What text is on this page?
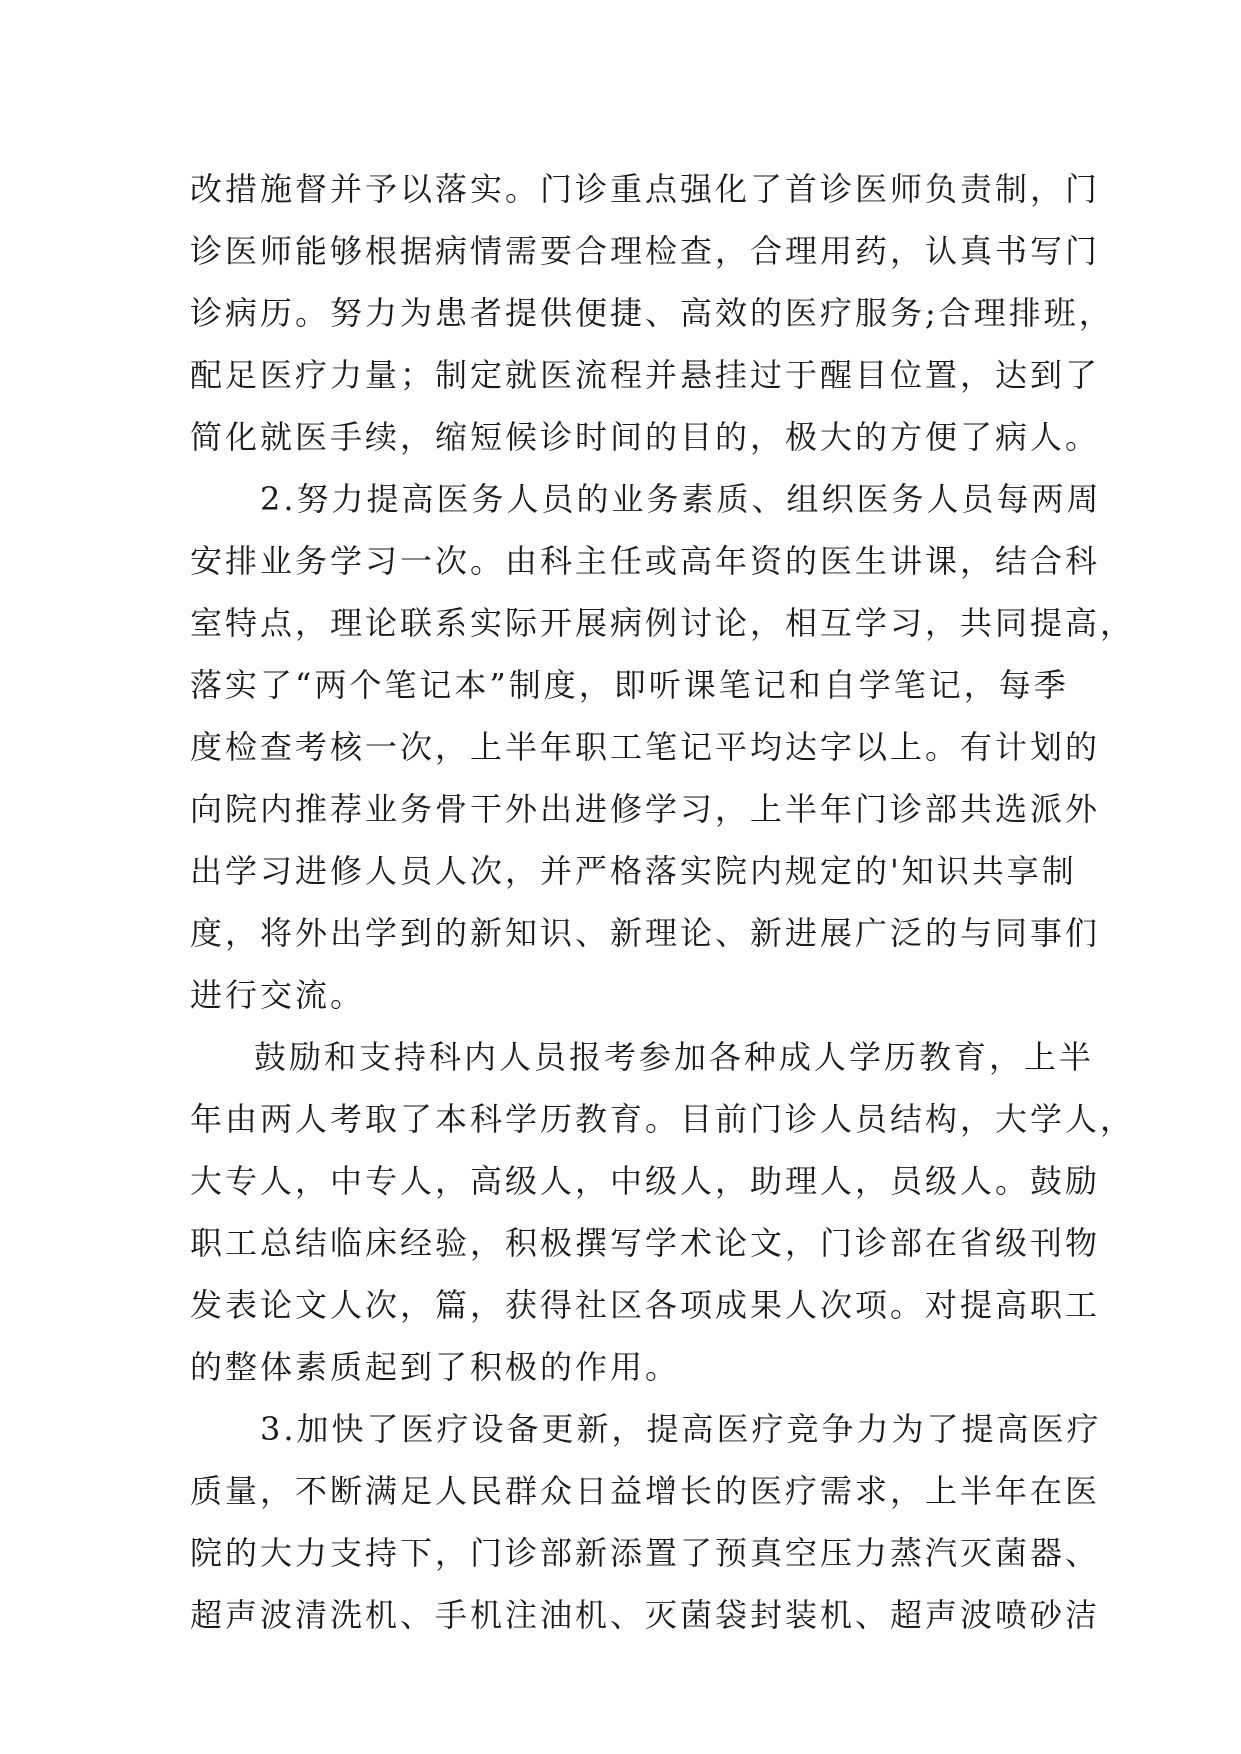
改措施督并予以落实。门诊重点强化了首诊医师负责制，门
诊医师能够根据病情需要合理检查，合理用药，认真书写门
诊病历。努力为患者提供便捷、高效的医疗服务;合理排班，
配足医疗力量；制定就医流程并悬挂过于醒目位置，达到了
简化就医手续，缩短候诊时间的目的，极大的方便了病人。
2.努力提高医务人员的业务素质、组织医务人员每两周
安排业务学习一次。由科主任或高年资的医生讲课，结合科
室特点，理论联系实际开展病例讨论，相互学习，共同提高，
落实了“两个笔记本”制度，即听课笔记和自学笔记，每季
度检查考核一次，上半年职工笔记平均达字以上。有计划的
向院内推荐业务骨干外出进修学习，上半年门诊部共选派外
出学习进修人员人次，并严格落实院内规定的'知识共享制
度，将外出学到的新知识、新理论、新进展广泛的与同事们
进行交流。
鼓励和支持科内人员报考参加各种成人学历教育，上半
年由两人考取了本科学历教育。目前门诊人员结构，大学人，
大专人，中专人，高级人，中级人，助理人，员级人。鼓励
职工总结临床经验，积极撰写学术论文，门诊部在省级刊物
发表论文人次，篇，获得社区各项成果人次项。对提高职工
的整体素质起到了积极的作用。
3.加快了医疗设备更新，提高医疗竞争力为了提高医疗
质量，不断满足人民群众日益增长的医疗需求，上半年在医
院的大力支持下，门诊部新添置了预真空压力蒸汽灭菌器、
超声波清洗机、手机注油机、灭菌袋封装机、超声波喷砂洁
